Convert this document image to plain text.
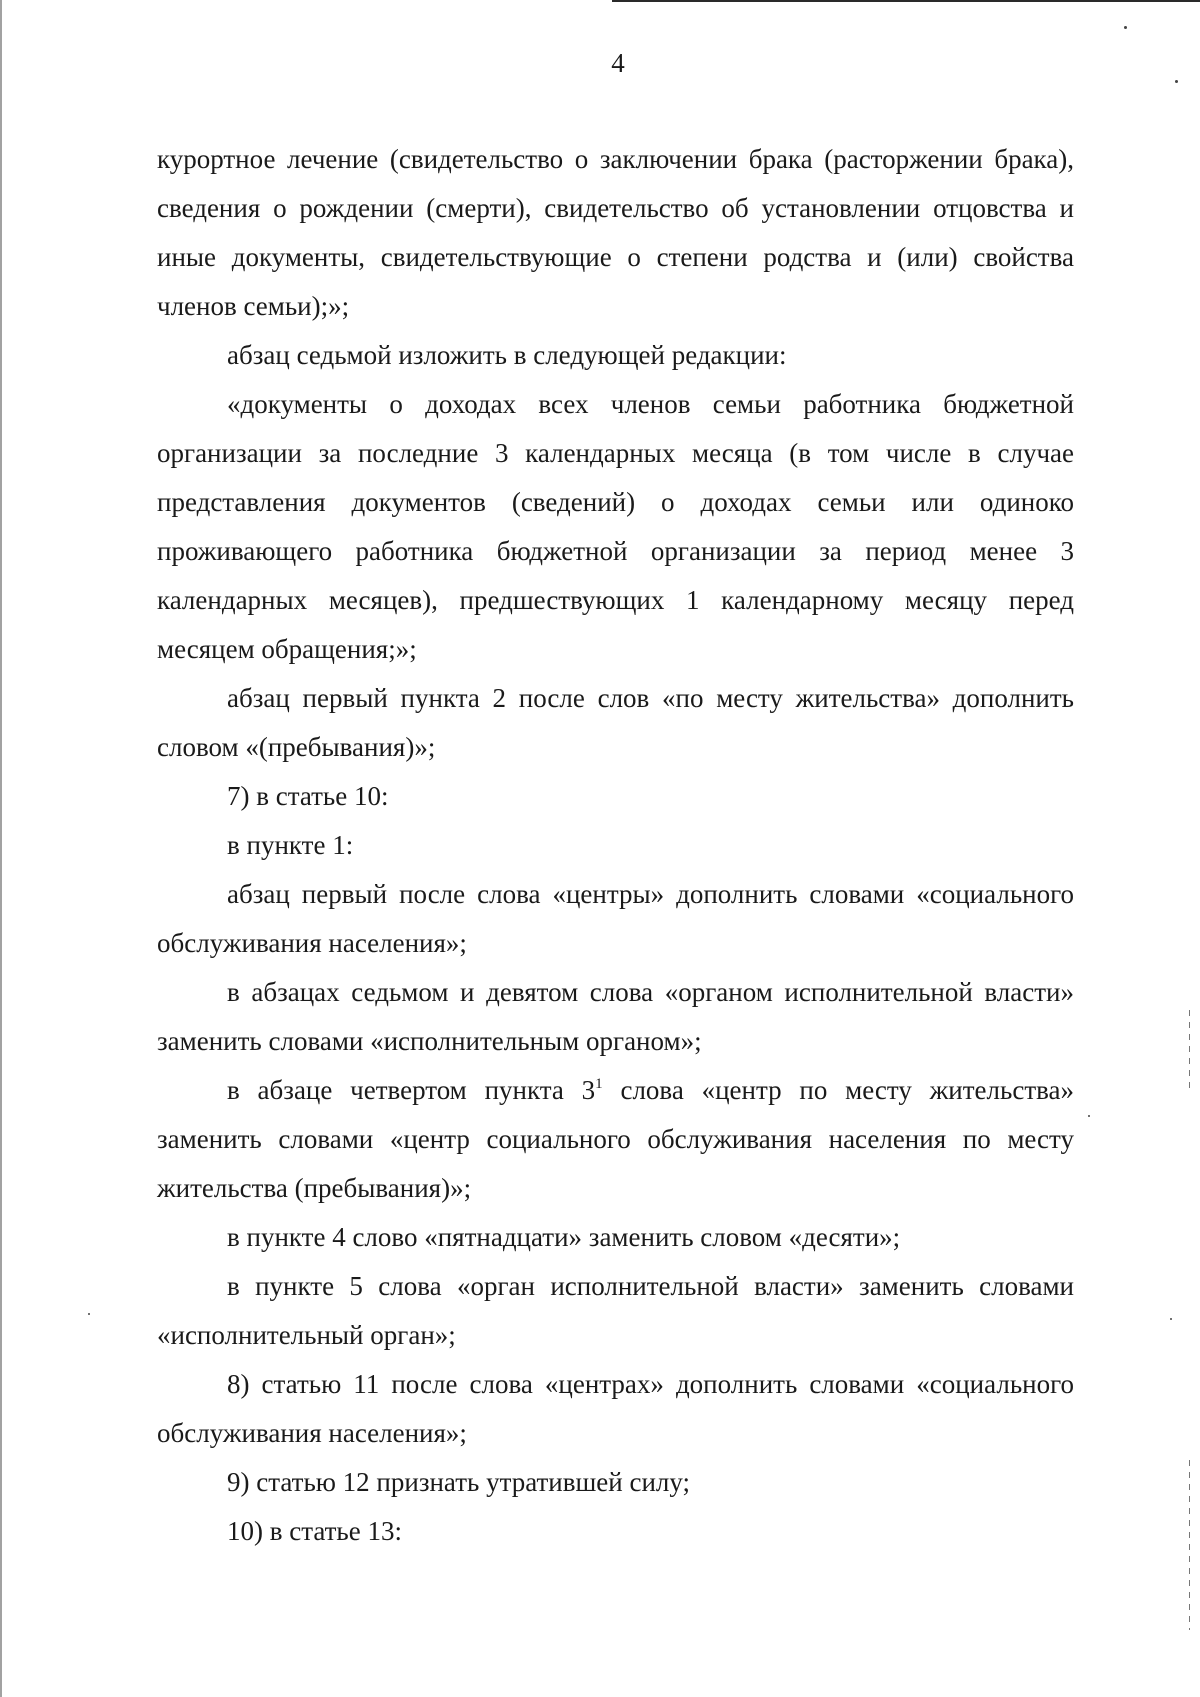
4

курортное лечение (свидетельство о заключении брака (расторжении брака), сведения о рождении (смерти), свидетельство об установлении отцовства и иные документы, свидетельствующие о степени родства и (или) свойства членов семьи);»;

абзац седьмой изложить в следующей редакции:

«документы о доходах всех членов семьи работника бюджетной организации за последние 3 календарных месяца (в том числе в случае представления документов (сведений) о доходах семьи или одиноко проживающего работника бюджетной организации за период менее 3 календарных месяцев), предшествующих 1 календарному месяцу перед месяцем обращения;»;

абзац первый пункта 2 после слов «по месту жительства» дополнить словом «(пребывания)»;

7) в статье 10:

в пункте 1:

абзац первый после слова «центры» дополнить словами «социального обслуживания населения»;

в абзацах седьмом и девятом слова «органом исполнительной власти» заменить словами «исполнительным органом»;

в абзаце четвертом пункта $3^1$ слова «центр по месту жительства» заменить словами «центр социального обслуживания населения по месту жительства (пребывания)»;

в пункте 4 слово «пятнадцати» заменить словом «десяти»;

в пункте 5 слова «орган исполнительной власти» заменить словами «исполнительный орган»;

8) статью 11 после слова «центрах» дополнить словами «социального обслуживания населения»;

9) статью 12 признать утратившей силу;

10) в статье 13:
